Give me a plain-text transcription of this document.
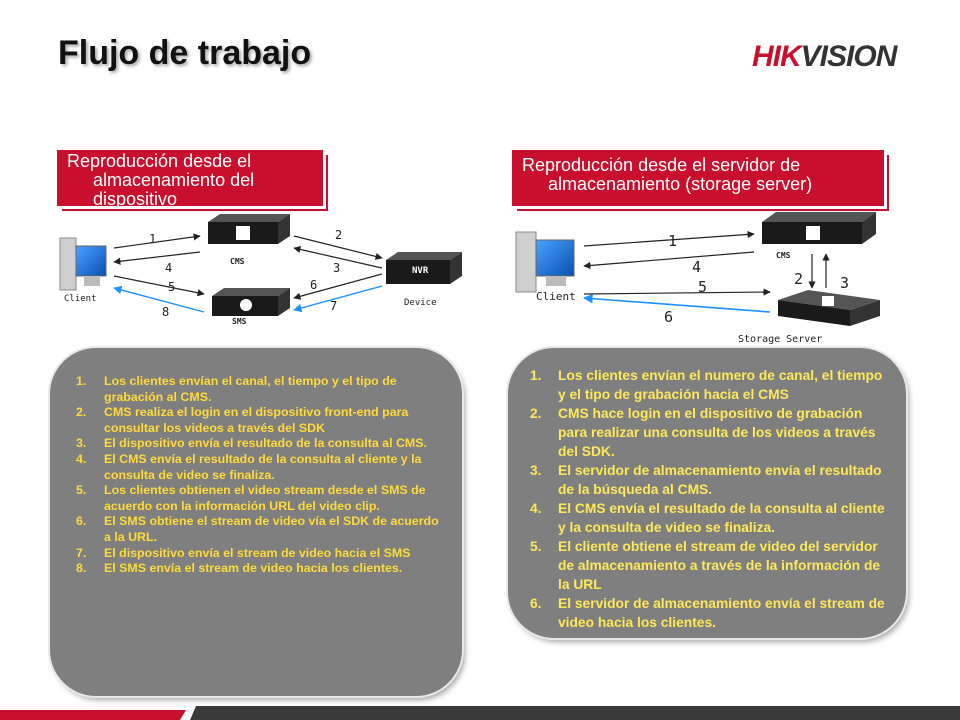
Flujo de trabajo	HIKVISION

Reproducción desde el

almacenamiento del

dispositivo

Reproducción desde el servidor de

almacenamiento (storage server)

Client
CMS
SMS
NVR
Device
1	2
3
4
5	6
7
8
Client
CMS
Storage Server
1
2 3
4
5
6
1. Los clientes envían el canal, el tiempo y el tipo de grabación al CMS.
2. CMS realiza el login en el dispositivo front-end para consultar los videos a través del SDK
3. El dispositivo envía el resultado de la consulta al CMS.
4. El CMS envía el resultado de la consulta al cliente y la consulta de video se finaliza.
5. Los clientes obtienen el video stream desde el SMS de acuerdo con la información URL del video clip.
6. El SMS obtiene el stream de video vía el SDK de acuerdo a la URL.
7. El dispositivo envía el stream de video hacia el SMS
8. El SMS envía el stream de video hacia los clientes.
1. Los clientes envían el numero de canal, el tiempo y el tipo de grabación hacia el CMS
2. CMS hace login en el dispositivo de grabación para realizar una consulta de los videos a través del SDK.
3. El servidor de almacenamiento envía el resultado de la búsqueda al CMS.
4. El CMS envía el resultado de la consulta al cliente y la consulta de video se finaliza.
5. El cliente obtiene el stream de video del servidor de almacenamiento a través de la información de la URL
6. El servidor de almacenamiento envía el stream de video hacia los clientes.
